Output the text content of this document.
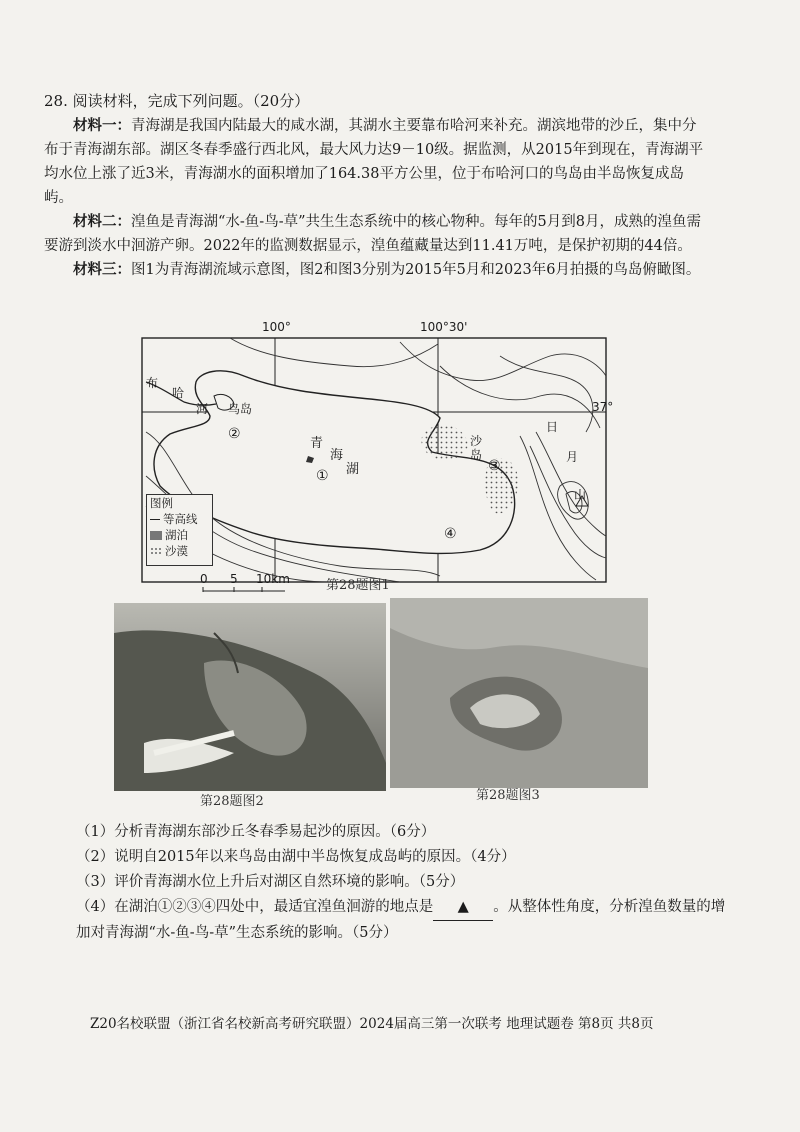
28. 阅读材料，完成下列问题。（20分）

材料一：青海湖是我国内陆最大的咸水湖，其湖水主要靠布哈河来补充。湖滨地带的沙丘，集中分布于青海湖东部。湖区冬春季盛行西北风，最大风力达9－10级。据监测，从2015年到现在，青海湖平均水位上涨了近3米，青海湖水的面积增加了164.38平方公里，位于布哈河口的鸟岛由半岛恢复成岛屿。

材料二：湟鱼是青海湖“水-鱼-鸟-草”共生生态系统中的核心物种。每年的5月到8月，成熟的湟鱼需要游到淡水中洄游产卵。2022年的监测数据显示，湟鱼蕴藏量达到11.41万吨，是保护初期的44倍。

材料三：图1为青海湖流域示意图，图2和图3分别为2015年5月和2023年6月拍摄的鸟岛俯瞰图。

100°	100°30'
37°
布
哈
河 鸟岛
青
海
湖
沙
岛
日
月
山
①
②
③
④
图例
等高线
湖泊
沙漠
0 5 10km	第28题图1
第28题图2	第28题图3

（1）分析青海湖东部沙丘冬春季易起沙的原因。（6分）

（2）说明自2015年以来鸟岛由湖中半岛恢复成岛屿的原因。（4分）

（3）评价青海湖水位上升后对湖区自然环境的影响。（5分）

（4）在湖泊①②③④四处中，最适宜湟鱼洄游的地点是 ▲ 。从整体性角度，分析湟鱼数量的增加对青海湖“水-鱼-鸟-草”生态系统的影响。（5分）

Z20名校联盟（浙江省名校新高考研究联盟）2024届高三第一次联考 地理试题卷 第8页 共8页
